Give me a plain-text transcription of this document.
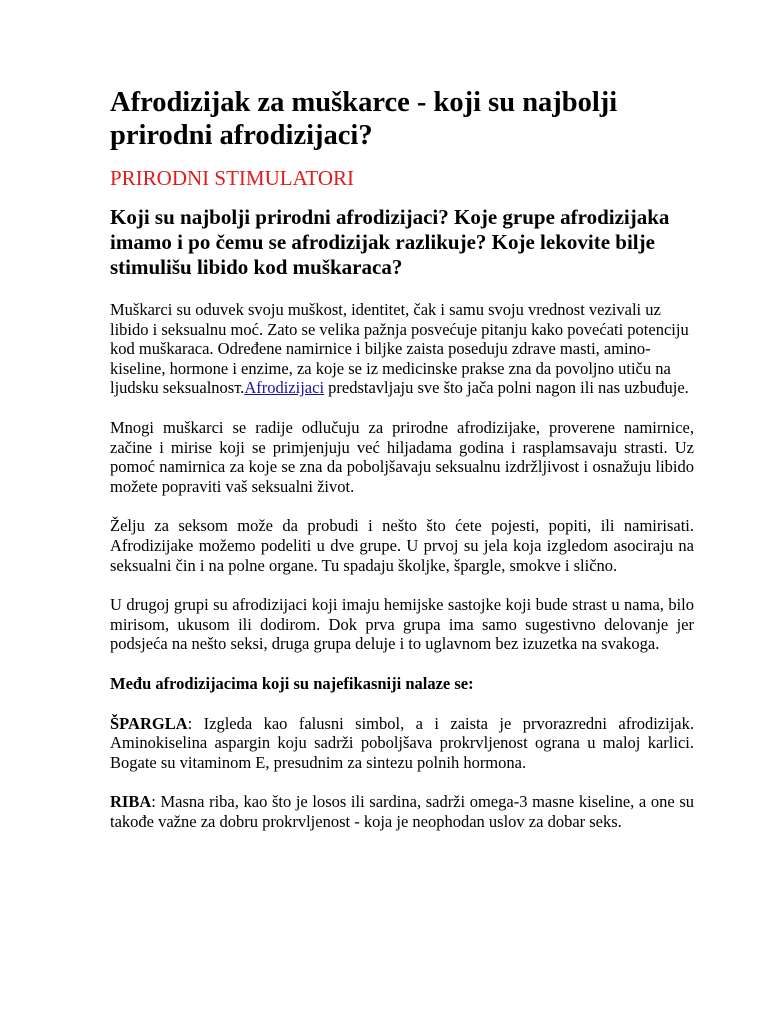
Afrodizijak za muškarce - koji su najbolji prirodni afrodizijaci?
PRIRODNI STIMULATORI

Koji su najbolji prirodni afrodizijaci? Koje grupe afrodizijaka imamo i po čemu se afrodizijak razlikuje? Koje lekovite bilje stimulišu libido kod muškaraca?

Muškarci su oduvek svoju muškost, identitet, čak i samu svoju vrednost vezivali uz libido i seksualnu moć. Zato se velika pažnja posvećuje pitanju kako povećati potenciju kod muškaraca. Određene namirnice i biljke zaista poseduju zdrave masti, amino-kiseline, hormone i enzime, za koje se iz medicinske prakse zna da povoljno utiču na ljudsku seksualnosт.Afrodizijaci predstavljaju sve što jača polni nagon ili nas uzbuđuje.

Mnogi muškarci se radije odlučuju za prirodne afrodizijake, proverene namirnice, začine i mirise koji se primjenjuju već hiljadama godina i rasplamsavaju strasti. Uz pomoć namirnica za koje se zna da poboljšavaju seksualnu izdržljivost i osnažuju libido možete popraviti vaš seksualni život.

Želju za seksom može da probudi i nešto što ćete pojesti, popiti, ili namirisati. Afrodizijake možemo podeliti u dve grupe. U prvoj su jela koja izgledom asociraju na seksualni čin i na polne organe. Tu spadaju školjke, špargle, smokve i slično.

U drugoj grupi su afrodizijaci koji imaju hemijske sastojke koji bude strast u nama, bilo mirisom, ukusom ili dodirom. Dok prva grupa ima samo sugestivno delovanje jer podsjeća na nešto seksi, druga grupa deluje i to uglavnom bez izuzetka na svakoga.

Među afrodizijacima koji su najefikasniji nalaze se:

ŠPARGLA: Izgleda kao falusni simbol, a i zaista je prvorazredni afrodizijak. Aminokiselina aspargin koju sadrži poboljšava prokrvljenost ograna u maloj karlici. Bogate su vitaminom E, presudnim za sintezu polnih hormona.

RIBA: Masna riba, kao što je losos ili sardina, sadrži omega-3 masne kiseline, a one su takođe važne za dobru prokrvljenost - koja je neophodan uslov za dobar seks.
